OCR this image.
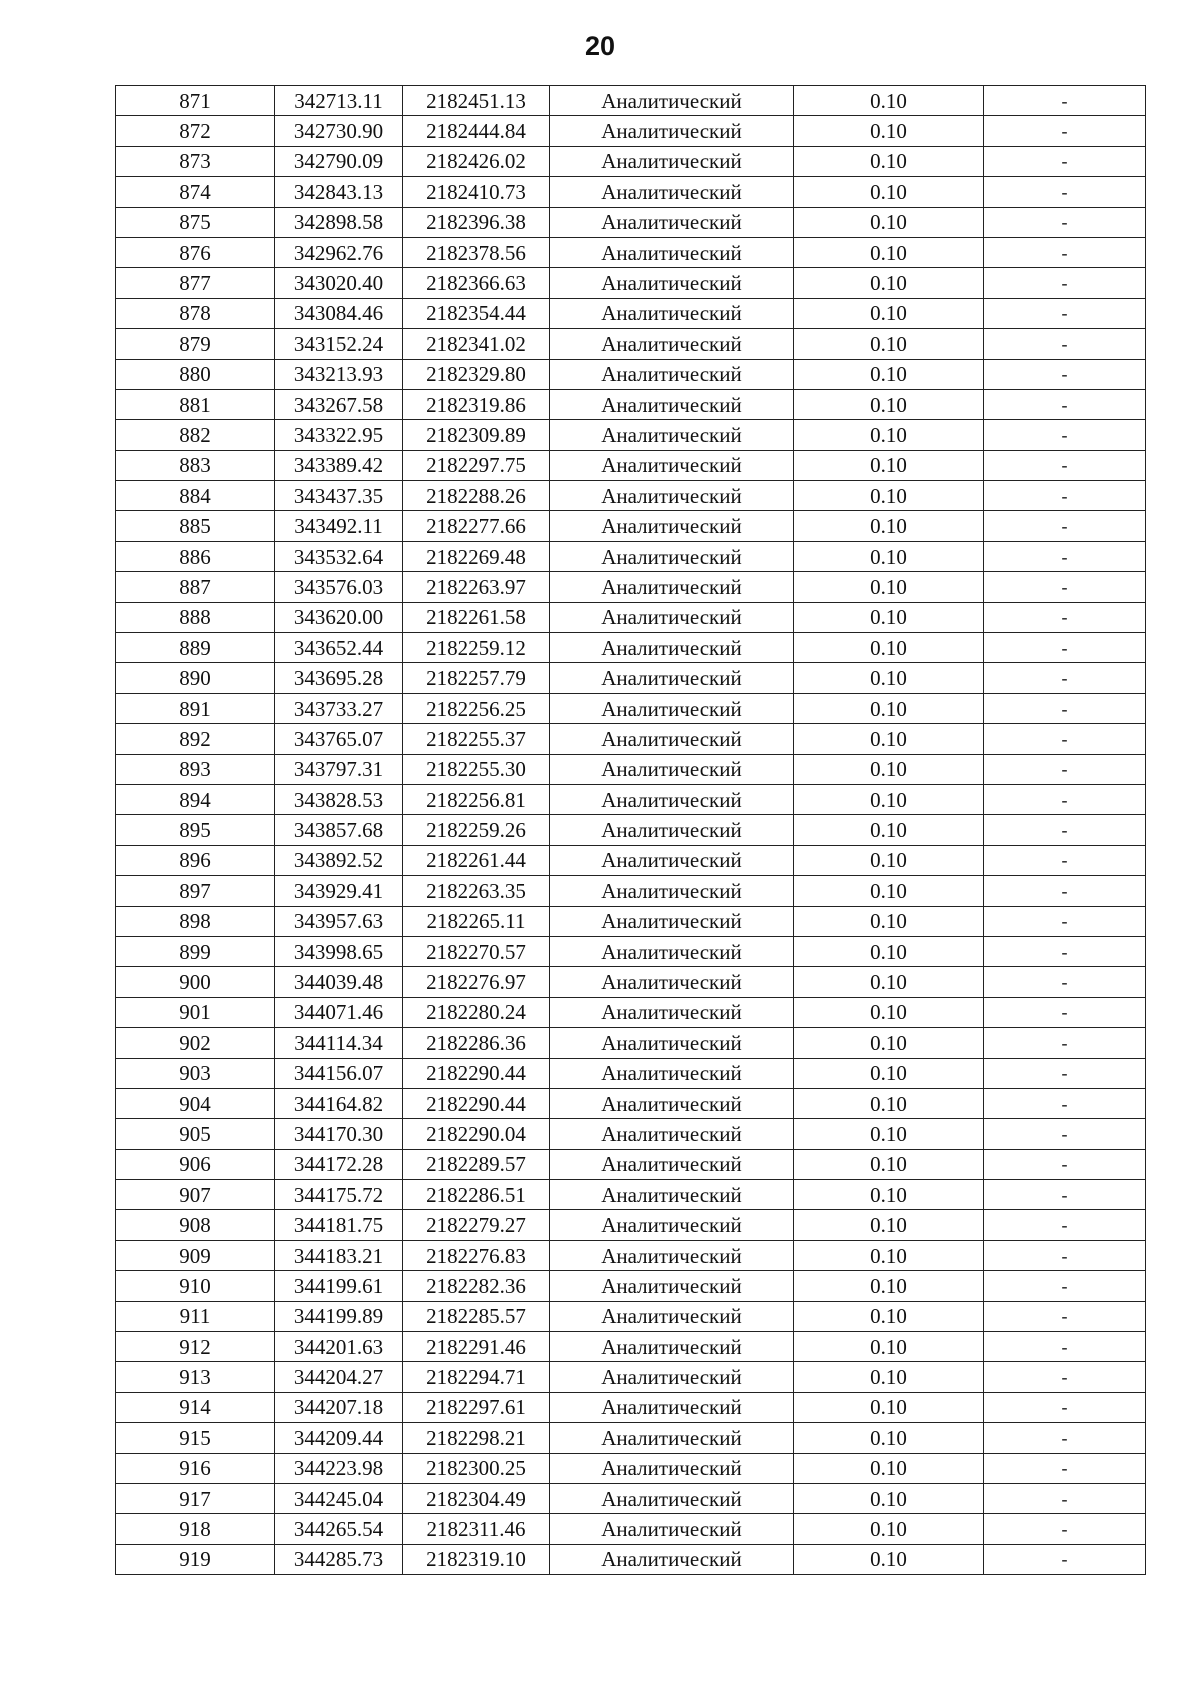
20
871	342713.11	2182451.13	Аналитический	0.10	-
872	342730.90	2182444.84	Аналитический	0.10	-
873	342790.09	2182426.02	Аналитический	0.10	-
874	342843.13	2182410.73	Аналитический	0.10	-
875	342898.58	2182396.38	Аналитический	0.10	-
876	342962.76	2182378.56	Аналитический	0.10	-
877	343020.40	2182366.63	Аналитический	0.10	-
878	343084.46	2182354.44	Аналитический	0.10	-
879	343152.24	2182341.02	Аналитический	0.10	-
880	343213.93	2182329.80	Аналитический	0.10	-
881	343267.58	2182319.86	Аналитический	0.10	-
882	343322.95	2182309.89	Аналитический	0.10	-
883	343389.42	2182297.75	Аналитический	0.10	-
884	343437.35	2182288.26	Аналитический	0.10	-
885	343492.11	2182277.66	Аналитический	0.10	-
886	343532.64	2182269.48	Аналитический	0.10	-
887	343576.03	2182263.97	Аналитический	0.10	-
888	343620.00	2182261.58	Аналитический	0.10	-
889	343652.44	2182259.12	Аналитический	0.10	-
890	343695.28	2182257.79	Аналитический	0.10	-
891	343733.27	2182256.25	Аналитический	0.10	-
892	343765.07	2182255.37	Аналитический	0.10	-
893	343797.31	2182255.30	Аналитический	0.10	-
894	343828.53	2182256.81	Аналитический	0.10	-
895	343857.68	2182259.26	Аналитический	0.10	-
896	343892.52	2182261.44	Аналитический	0.10	-
897	343929.41	2182263.35	Аналитический	0.10	-
898	343957.63	2182265.11	Аналитический	0.10	-
899	343998.65	2182270.57	Аналитический	0.10	-
900	344039.48	2182276.97	Аналитический	0.10	-
901	344071.46	2182280.24	Аналитический	0.10	-
902	344114.34	2182286.36	Аналитический	0.10	-
903	344156.07	2182290.44	Аналитический	0.10	-
904	344164.82	2182290.44	Аналитический	0.10	-
905	344170.30	2182290.04	Аналитический	0.10	-
906	344172.28	2182289.57	Аналитический	0.10	-
907	344175.72	2182286.51	Аналитический	0.10	-
908	344181.75	2182279.27	Аналитический	0.10	-
909	344183.21	2182276.83	Аналитический	0.10	-
910	344199.61	2182282.36	Аналитический	0.10	-
911	344199.89	2182285.57	Аналитический	0.10	-
912	344201.63	2182291.46	Аналитический	0.10	-
913	344204.27	2182294.71	Аналитический	0.10	-
914	344207.18	2182297.61	Аналитический	0.10	-
915	344209.44	2182298.21	Аналитический	0.10	-
916	344223.98	2182300.25	Аналитический	0.10	-
917	344245.04	2182304.49	Аналитический	0.10	-
918	344265.54	2182311.46	Аналитический	0.10	-
919	344285.73	2182319.10	Аналитический	0.10	-
